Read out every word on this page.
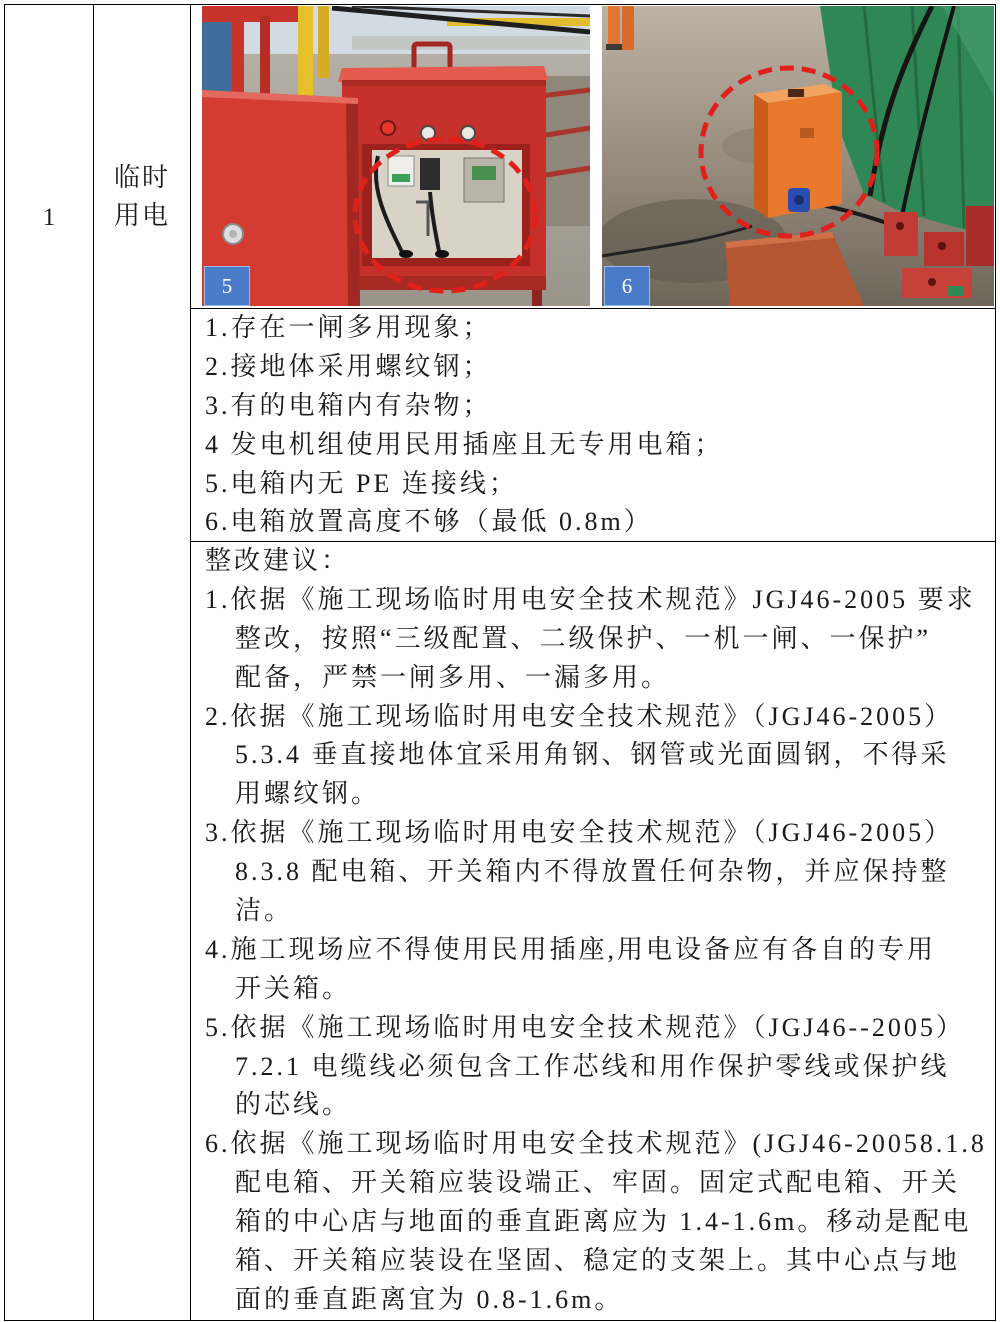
1
临时
用电
5	6
1.存在一闸多用现象；
2.接地体采用螺纹钢；
3.有的电箱内有杂物；
4 发电机组使用民用插座且无专用电箱；
5.电箱内无 PE 连接线；
6.电箱放置高度不够（最低 0.8m）
整改建议：
1.依据《施工现场临时用电安全技术规范》JGJ46-2005 要求
整改，按照“三级配置、二级保护、一机一闸、一保护”
配备，严禁一闸多用、一漏多用。
2.依据《施工现场临时用电安全技术规范》（JGJ46-2005）
5.3.4 垂直接地体宜采用角钢、钢管或光面圆钢，不得采
用螺纹钢。
3.依据《施工现场临时用电安全技术规范》（JGJ46-2005）
8.3.8 配电箱、开关箱内不得放置任何杂物，并应保持整
洁。
4.施工现场应不得使用民用插座,用电设备应有各自的专用
开关箱。
5.依据《施工现场临时用电安全技术规范》（JGJ46--2005）
7.2.1 电缆线必须包含工作芯线和用作保护零线或保护线
的芯线。
6.依据《施工现场临时用电安全技术规范》(JGJ46-20058.1.8
配电箱、开关箱应装设端正、牢固。固定式配电箱、开关
箱的中心店与地面的垂直距离应为 1.4-1.6m。移动是配电
箱、开关箱应装设在坚固、稳定的支架上。其中心点与地
面的垂直距离宜为 0.8-1.6m。
